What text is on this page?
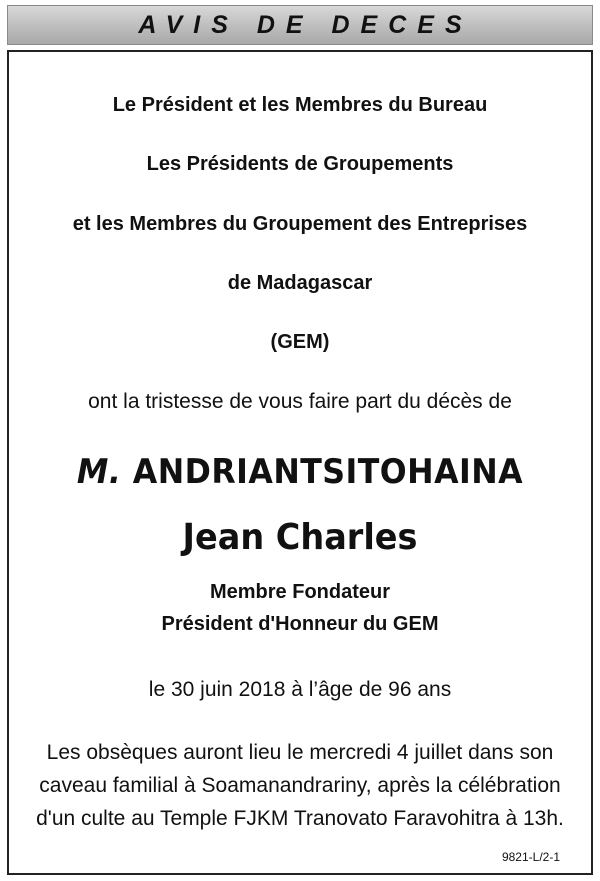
AVIS DE DECES
Le Président et les Membres du Bureau
Les Présidents de Groupements
et les Membres du Groupement des Entreprises
de Madagascar
(GEM)
ont la tristesse de vous faire part du décès de
M. ANDRIANTSITOHAINA
Jean Charles
Membre Fondateur
Président d'Honneur du GEM
le 30 juin 2018 à l’âge de 96 ans
Les obsèques auront lieu le mercredi 4 juillet dans son
caveau familial à Soamanandrariny, après la célébration
d'un culte au Temple FJKM Tranovato Faravohitra à 13h.
9821-L/2-1
